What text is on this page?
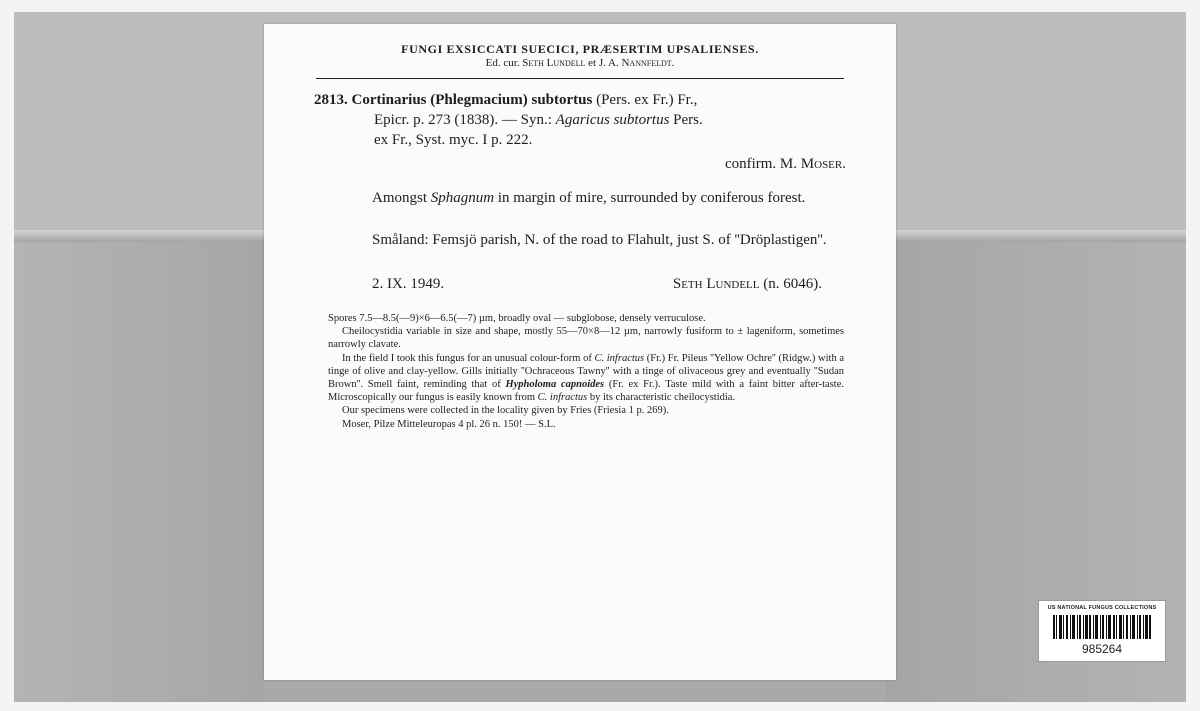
FUNGI EXSICCATI SUECICI, PRÆSERTIM UPSALIENSES.
Ed. cur. Seth Lundell et J. A. Nannfeldt.
2813. Cortinarius (Phlegmacium) subtortus (Pers. ex Fr.) Fr.,
Epicr. p. 273 (1838). — Syn.: Agaricus subtortus Pers.
ex Fr., Syst. myc. I p. 222.
confirm. M. Moser.
Amongst Sphagnum in margin of mire, surrounded by coniferous forest.
Småland: Femsjö parish, N. of the road to Flahult, just S. of ''Dröplastigen''.
2. IX. 1949.	Seth Lundell (n. 6046).

Spores 7.5—8.5(—9)×6—6.5(—7) µm, broadly oval — subglobose, densely verruculose.

Cheilocystidia variable in size and shape, mostly 55—70×8—12 µm, narrowly fusiform to ± lageniform, sometimes narrowly clavate.

In the field I took this fungus for an unusual colour-form of C. infractus (Fr.) Fr. Pileus ''Yellow Ochre'' (Ridgw.) with a tinge of olive and clay-yellow. Gills initially ''Ochraceous Tawny'' with a tinge of olivaceous grey and eventually ''Sudan Brown''. Smell faint, reminding that of Hypholoma capnoides (Fr. ex Fr.). Taste mild with a faint bitter after-taste. Microscopically our fungus is easily known from C. infractus by its characteristic cheilocystidia.

Our specimens were collected in the locality given by Fries (Friesia 1 p. 269).

Moser, Pilze Mitteleuropas 4 pl. 26 n. 150! — S.L.

US NATIONAL FUNGUS COLLECTIONS
985264
